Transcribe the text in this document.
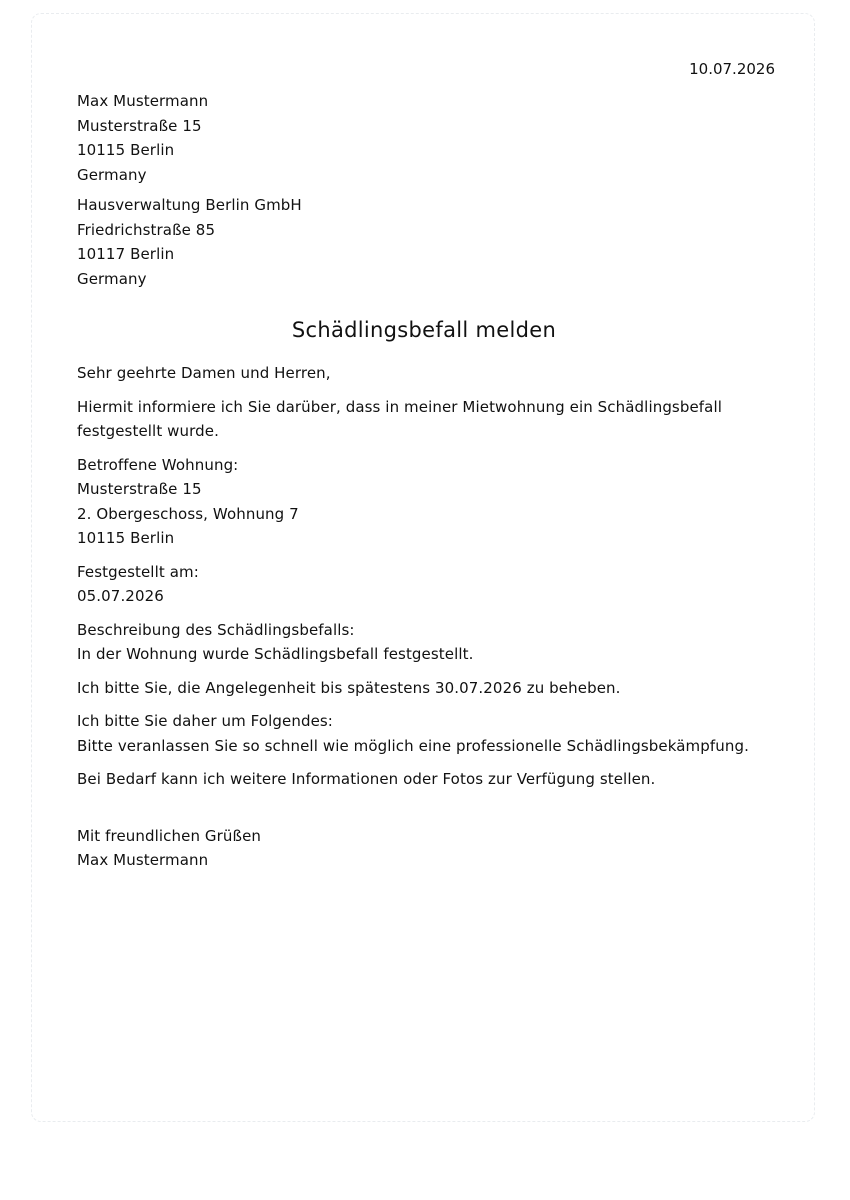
10.07.2026
Max Mustermann
Musterstraße 15
10115 Berlin
Germany
Hausverwaltung Berlin GmbH
Friedrichstraße 85
10117 Berlin
Germany
Schädlingsbefall melden

Sehr geehrte Damen und Herren,

Hiermit informiere ich Sie darüber, dass in meiner Mietwohnung ein Schädlingsbefall
festgestellt wurde.

Betroffene Wohnung:
Musterstraße 15
2. Obergeschoss, Wohnung 7
10115 Berlin

Festgestellt am:
05.07.2026

Beschreibung des Schädlingsbefalls:
In der Wohnung wurde Schädlingsbefall festgestellt.

Ich bitte Sie, die Angelegenheit bis spätestens 30.07.2026 zu beheben.

Ich bitte Sie daher um Folgendes:
Bitte veranlassen Sie so schnell wie möglich eine professionelle Schädlingsbekämpfung.

Bei Bedarf kann ich weitere Informationen oder Fotos zur Verfügung stellen.

Mit freundlichen Grüßen
Max Mustermann
